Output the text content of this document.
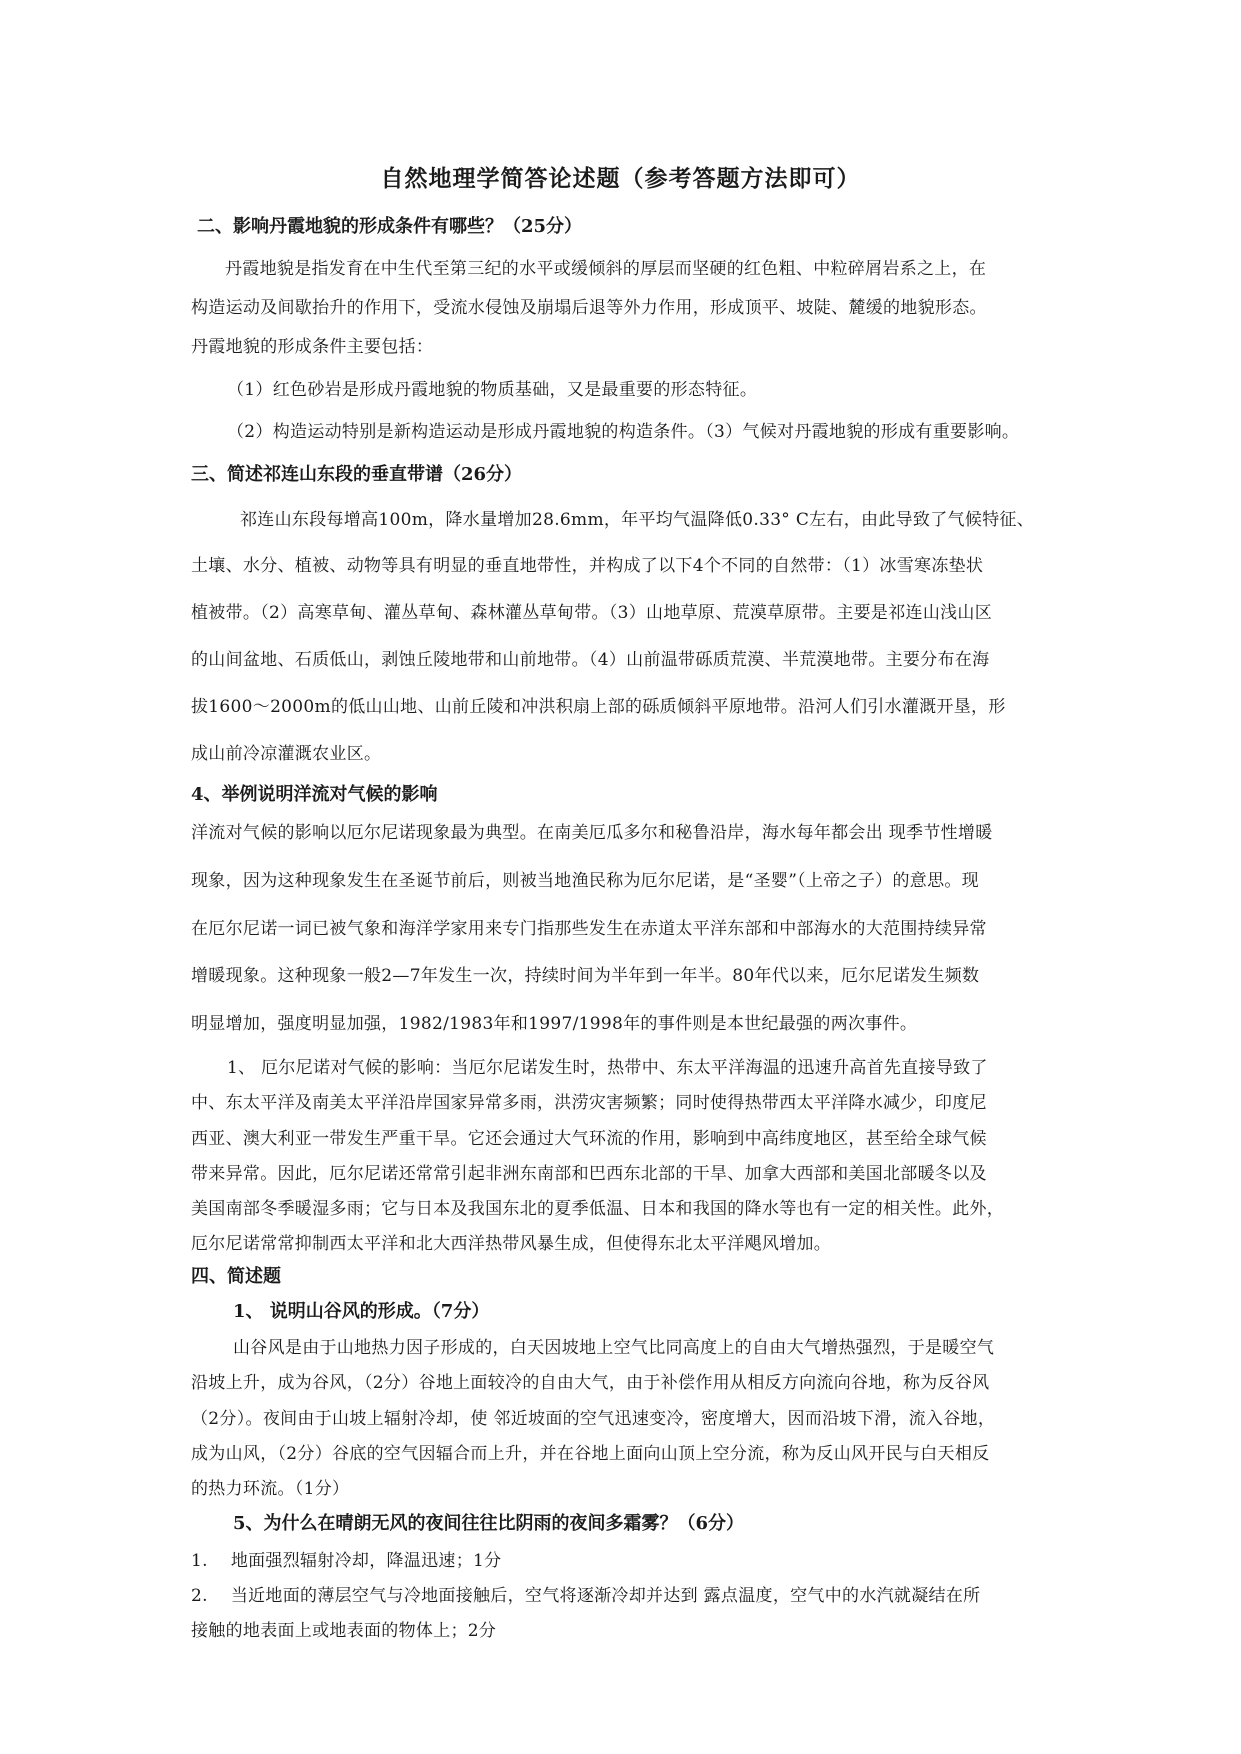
自然地理学简答论述题（参考答题方法即可）
二、影响丹霞地貌的形成条件有哪些？（25分）
丹霞地貌是指发育在中生代至第三纪的水平或缓倾斜的厚层而坚硬的红色粗、中粒碎屑岩系之上，在
构造运动及间歇抬升的作用下，受流水侵蚀及崩塌后退等外力作用，形成顶平、坡陡、麓缓的地貌形态。
丹霞地貌的形成条件主要包括：
（1）红色砂岩是形成丹霞地貌的物质基础，又是最重要的形态特征。
（2）构造运动特别是新构造运动是形成丹霞地貌的构造条件。（3）气候对丹霞地貌的形成有重要影响。
三、简述祁连山东段的垂直带谱（26分）
祁连山东段每增高100m，降水量增加28.6mm，年平均气温降低0.33° C左右，由此导致了气候特征、
土壤、水分、植被、动物等具有明显的垂直地带性，并构成了以下4个不同的自然带：（1）冰雪寒冻垫状
植被带。（2）高寒草甸、灌丛草甸、森林灌丛草甸带。（3）山地草原、荒漠草原带。主要是祁连山浅山区
的山间盆地、石质低山，剥蚀丘陵地带和山前地带。（4）山前温带砾质荒漠、半荒漠地带。主要分布在海
拔1600～2000m的低山山地、山前丘陵和冲洪积扇上部的砾质倾斜平原地带。沿河人们引水灌溉开垦，形
成山前冷凉灌溉农业区。
4、举例说明洋流对气候的影响
洋流对气候的影响以厄尔尼诺现象最为典型。在南美厄瓜多尔和秘鲁沿岸，海水每年都会出 现季节性增暖
现象，因为这种现象发生在圣诞节前后，则被当地渔民称为厄尔尼诺，是“圣婴”（上帝之子）的意思。现
在厄尔尼诺一词已被气象和海洋学家用来专门指那些发生在赤道太平洋东部和中部海水的大范围持续异常
增暖现象。这种现象一般2—7年发生一次，持续时间为半年到一年半。80年代以来，厄尔尼诺发生频数
明显增加，强度明显加强，1982/1983年和1997/1998年的事件则是本世纪最强的两次事件。
1、 厄尔尼诺对气候的影响：当厄尔尼诺发生时，热带中、东太平洋海温的迅速升高首先直接导致了
中、东太平洋及南美太平洋沿岸国家异常多雨，洪涝灾害频繁；同时使得热带西太平洋降水减少，印度尼
西亚、澳大利亚一带发生严重干旱。它还会通过大气环流的作用，影响到中高纬度地区，甚至给全球气候
带来异常。因此，厄尔尼诺还常常引起非洲东南部和巴西东北部的干旱、加拿大西部和美国北部暖冬以及
美国南部冬季暖湿多雨；它与日本及我国东北的夏季低温、日本和我国的降水等也有一定的相关性。此外，
厄尔尼诺常常抑制西太平洋和北大西洋热带风暴生成，但使得东北太平洋飓风增加。
四、简述题
1、 说明山谷风的形成。（7分）
山谷风是由于山地热力因子形成的，白天因坡地上空气比同高度上的自由大气增热强烈，于是暖空气
沿坡上升，成为谷风，（2分）谷地上面较冷的自由大气，由于补偿作用从相反方向流向谷地，称为反谷风
（2分）。夜间由于山坡上辐射冷却，使 邻近坡面的空气迅速变冷，密度增大，因而沿坡下滑，流入谷地，
成为山风，（2分）谷底的空气因辐合而上升，并在谷地上面向山顶上空分流，称为反山风开民与白天相反
的热力环流。（1分）
5、为什么在晴朗无风的夜间往往比阴雨的夜间多霜雾？（6分）
1.　 地面强烈辐射冷却，降温迅速；1分
2.　 当近地面的薄层空气与冷地面接触后，空气将逐渐冷却并达到 露点温度，空气中的水汽就凝结在所
接触的地表面上或地表面的物体上；2分
